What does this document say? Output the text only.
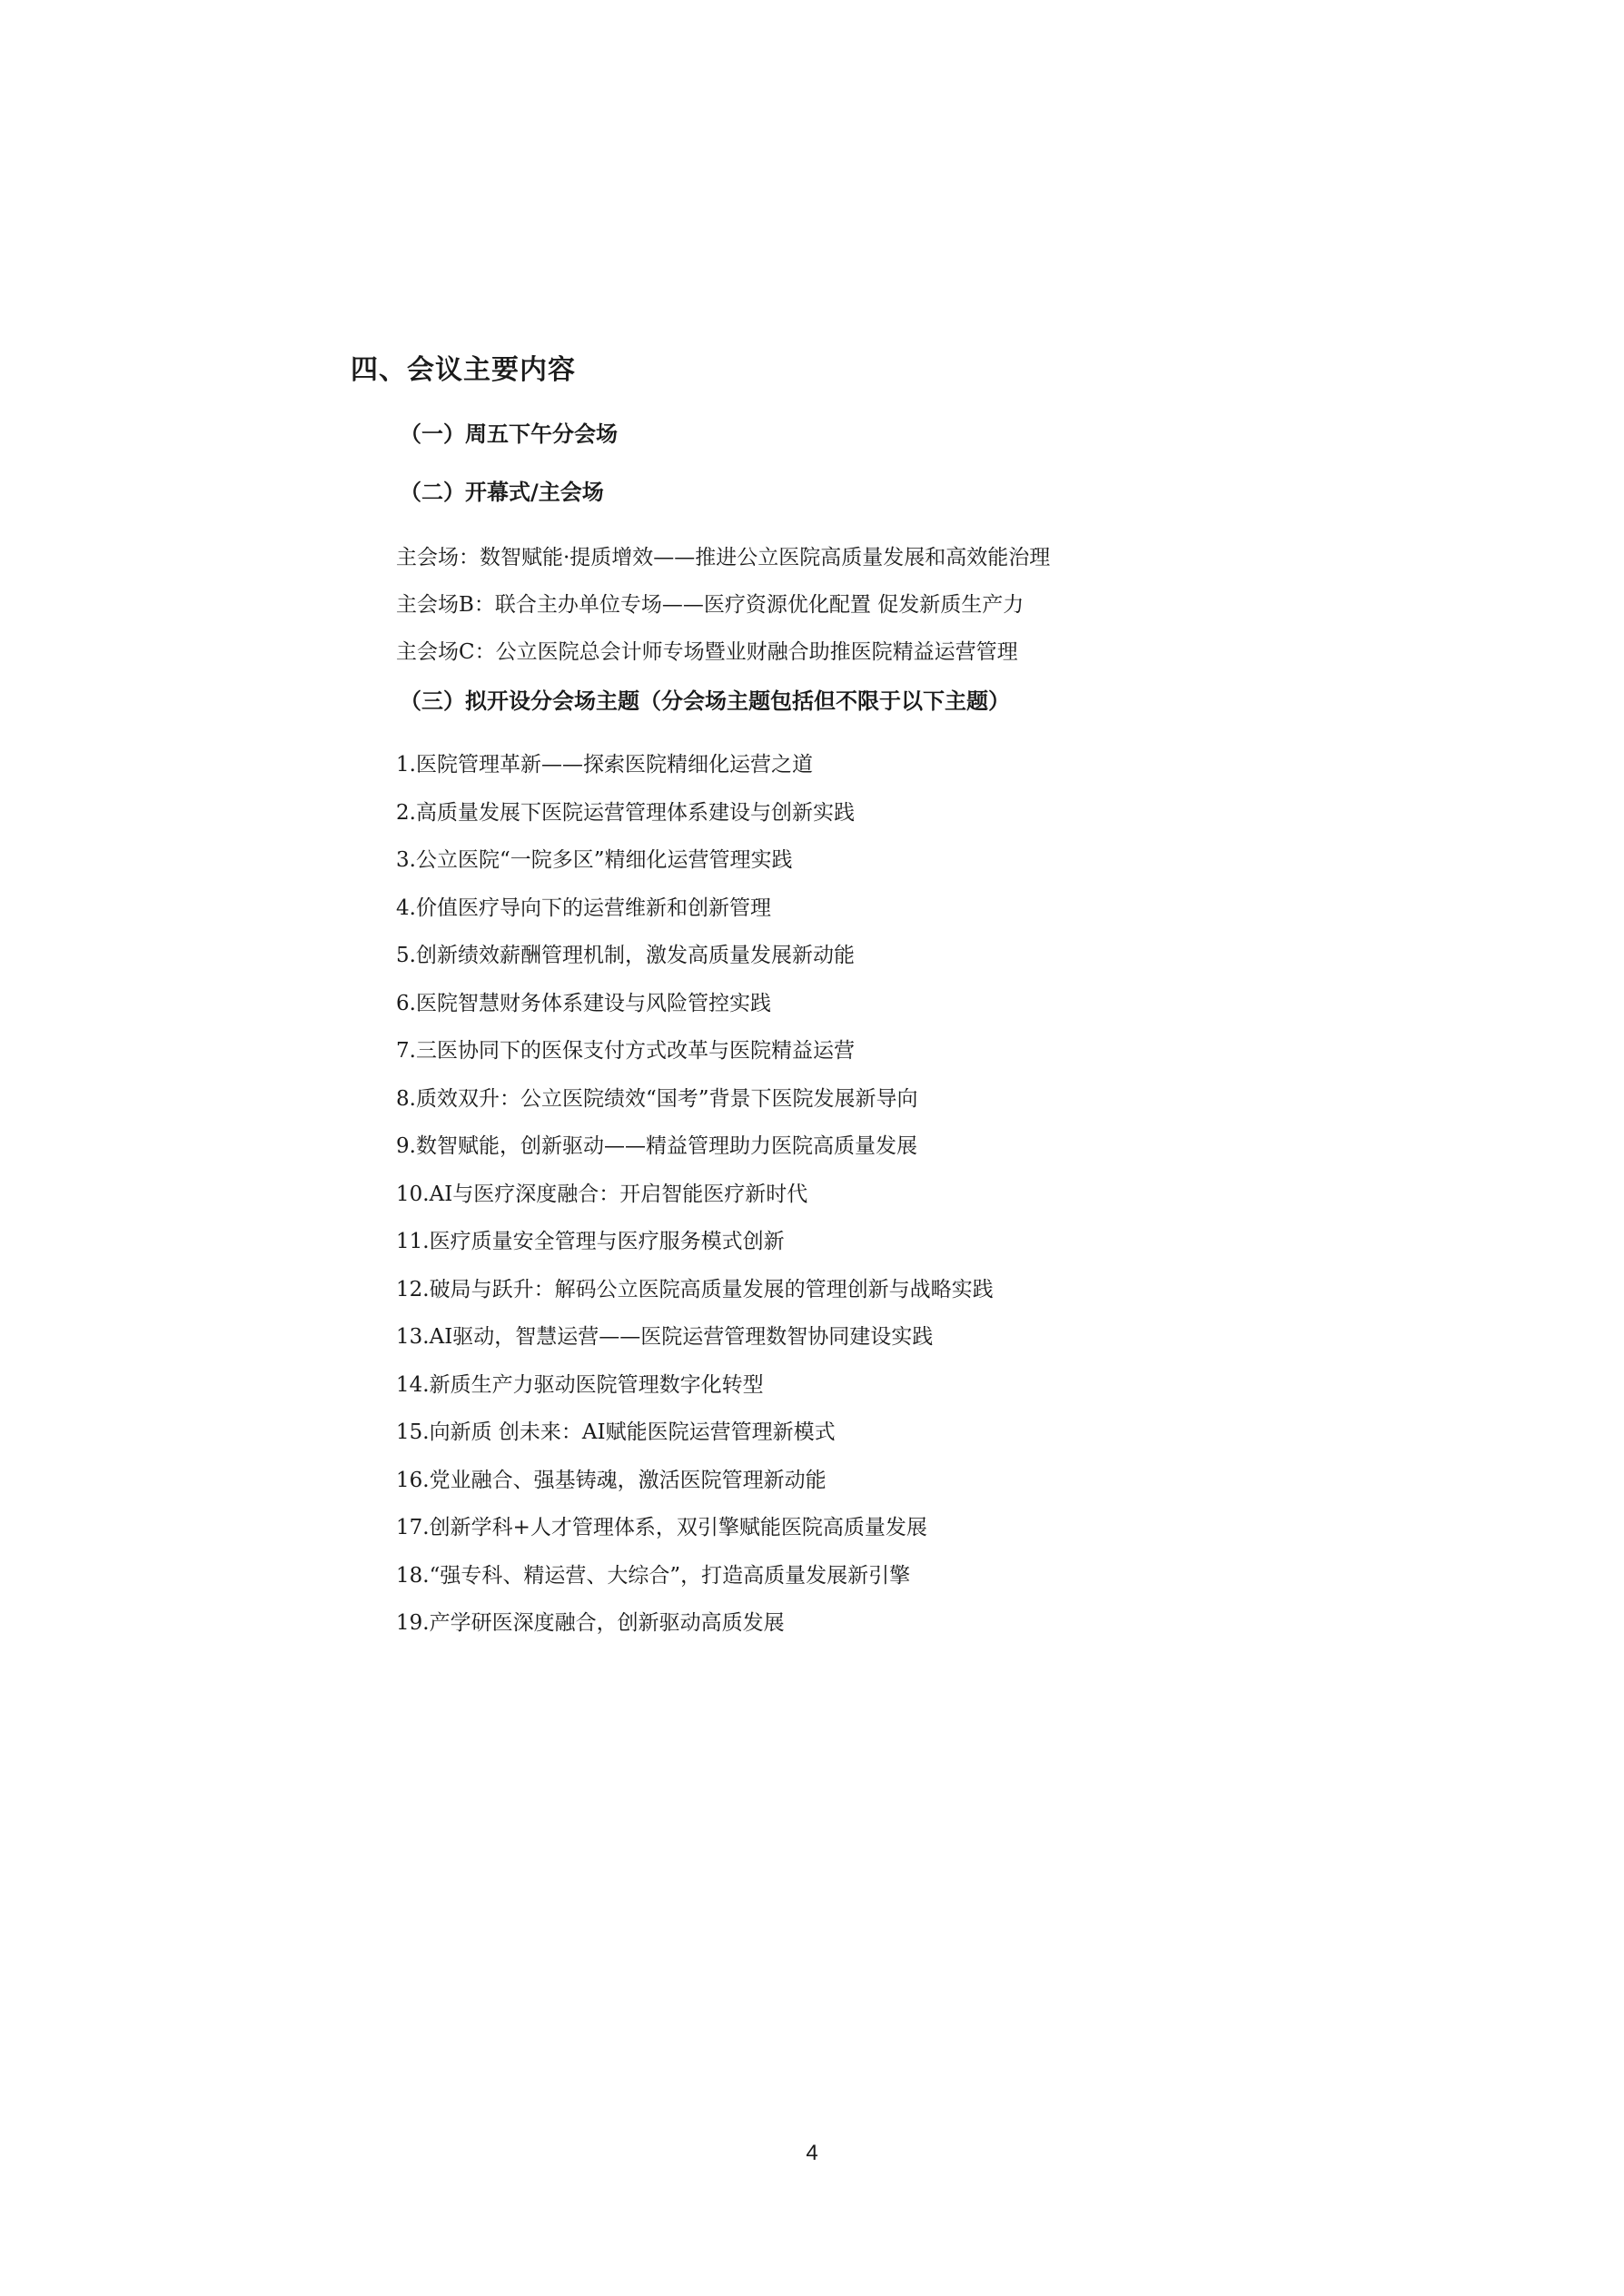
四、会议主要内容
（一）周五下午分会场
（二）开幕式/主会场
主会场：数智赋能·提质增效——推进公立医院高质量发展和高效能治理
主会场B：联合主办单位专场——医疗资源优化配置 促发新质生产力
主会场C：公立医院总会计师专场暨业财融合助推医院精益运营管理
（三）拟开设分会场主题（分会场主题包括但不限于以下主题）
1.医院管理革新——探索医院精细化运营之道
2.高质量发展下医院运营管理体系建设与创新实践
3.公立医院“一院多区”精细化运营管理实践
4.价值医疗导向下的运营维新和创新管理
5.创新绩效薪酬管理机制，激发高质量发展新动能
6.医院智慧财务体系建设与风险管控实践
7.三医协同下的医保支付方式改革与医院精益运营
8.质效双升：公立医院绩效“国考”背景下医院发展新导向
9.数智赋能，创新驱动——精益管理助力医院高质量发展
10.AI与医疗深度融合：开启智能医疗新时代
11.医疗质量安全管理与医疗服务模式创新
12.破局与跃升：解码公立医院高质量发展的管理创新与战略实践
13.AI驱动，智慧运营——医院运营管理数智协同建设实践
14.新质生产力驱动医院管理数字化转型
15.向新质 创未来：AI赋能医院运营管理新模式
16.党业融合、强基铸魂，激活医院管理新动能
17.创新学科+人才管理体系，双引擎赋能医院高质量发展
18.“强专科、精运营、大综合”，打造高质量发展新引擎
19.产学研医深度融合，创新驱动高质发展

4
